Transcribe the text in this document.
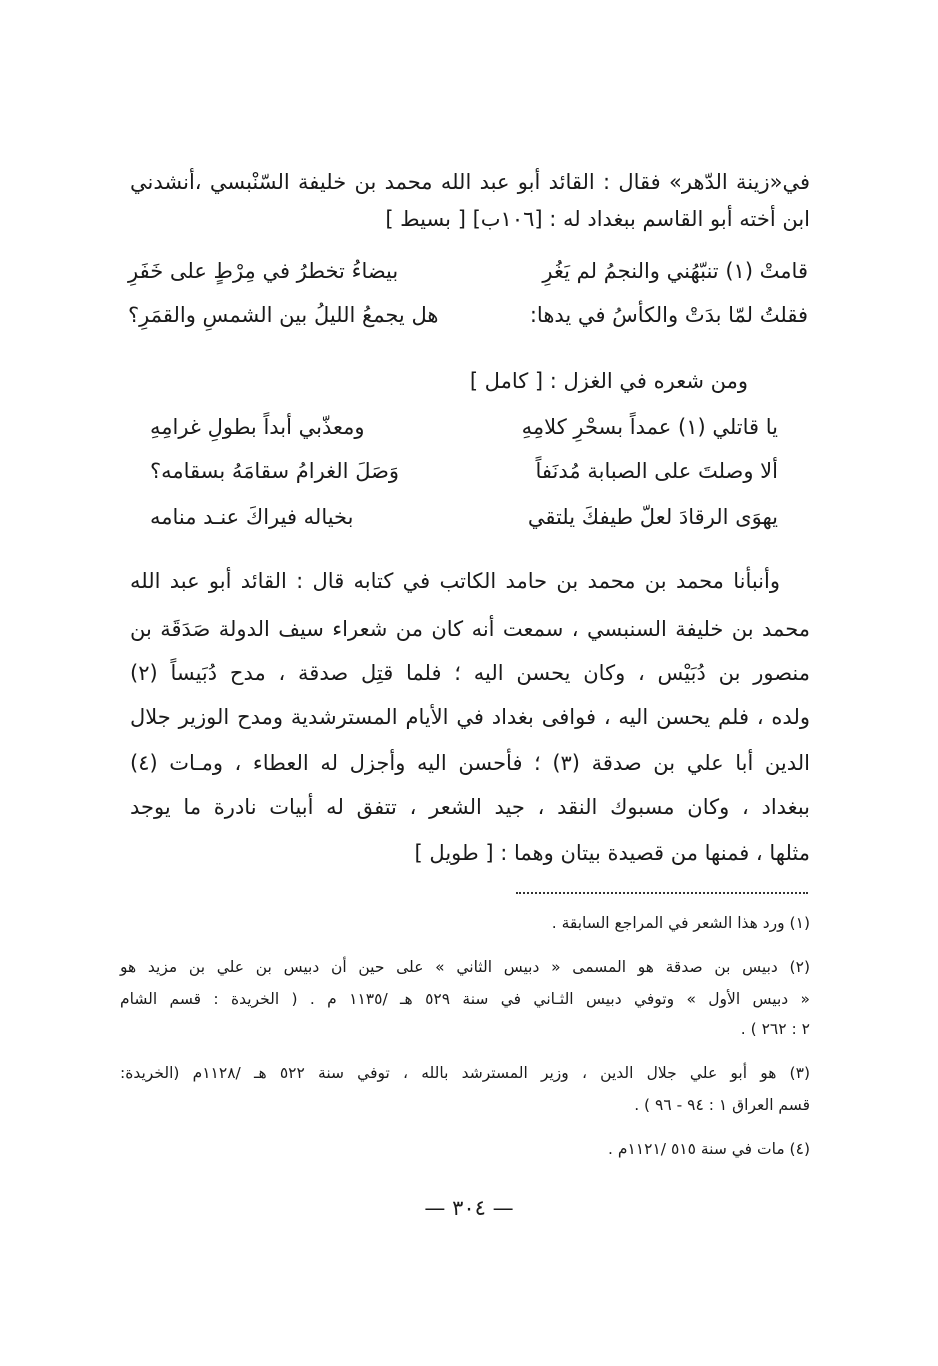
في«زينة الدّهر» فقال : القائد أبو عبد الله محمد بن خليفة السّنْبسي ،أنشدني
ابن أخته أبو القاسم ببغداد له : [١٠٦ب] [ بسيط ]
قامتْ (١) تنبّهُني والنجمُ لم يَغُرِ
بيضاءُ تخطرُ في مِرْطٍ على خَفَرِ
فقلتُ لمّا بدَتْ والكأسُ في يدها:
هل يجمعُ الليلُ بين الشمسِ والقمَرِ؟
ومن شعره في الغزل : [ كامل ]
يا قاتلي (١) عمداً بسحْرِ كلامِهِ
ومعذّبي أبداً بطولِ غرامِهِ
ألا وصلتَ على الصبابة مُدنَفاً
وَصَلَ الغرامُ سقامَهُ بسقامه؟
يهوَى الرقادَ لعلّ طيفكَ يلتقي
بخياله فيراكَ عنـد منامه
وأنبأنا محمد بن محمد بن حامد الكاتب في كتابه قال : القائد أبو عبد الله
محمد بن خليفة السنبسي ، سمعت أنه كان من شعراء سيف الدولة صَدَقَة بن
منصور بن دُبَيْس ، وكان يحسن اليه ؛ فلما قتِل صدقة ، مدح دُبَيساً (٢)
ولده ، فلم يحسن اليه ، فوافى بغداد في الأيام المسترشدية ومدح الوزير جلال
الدين أبا علي بن صدقة (٣) ؛ فأحسن اليه وأجزل له العطاء ، ومـات (٤)
ببغداد ، وكان مسبوك النقد ، جيد الشعر ، تتفق له أبيات نادرة ما يوجد
مثلها ، فمنها من قصيدة بيتان وهما : [ طويل ]
(١) ورد هذا الشعر في المراجع السابقة .
(٢) دبيس بن صدقة هو المسمى « دبيس الثاني » على حين أن دبيس بن علي بن مزيد هو
« دبيس الأول » وتوفي دبيس الثـاني في سنة ٥٢٩ هـ /١١٣٥ م . ( الخريدة : قسم الشام
٢ : ٢٦٢ ) .
(٣) هو أبو علي جلال الدين ، وزير المسترشد بالله ، توفي سنة ٥٢٢ هـ /١١٢٨م (الخريدة:
قسم العراق ١ : ٩٤ - ٩٦ ) .
(٤) مات في سنة ٥١٥ /١١٢١م .
— ٣٠٤ —
